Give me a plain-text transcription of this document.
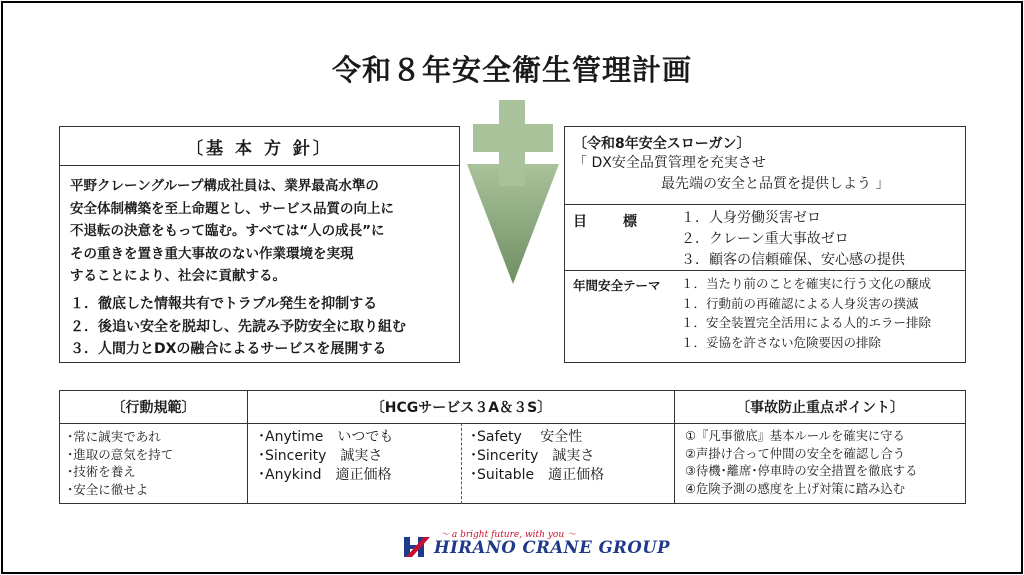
令和８年安全衛生管理計画
〔基 本 方 針〕
平野クレーングループ構成社員は、業界最高水準の
安全体制構築を至上命題とし、サービス品質の向上に
不退転の決意をもって臨む。すべては“人の成長”に
その重きを置き重大事故のない作業環境を実現
することにより、社会に貢献する。
１．徹底した情報共有でトラブル発生を抑制する
２．後追い安全を脱却し、先読み予防安全に取り組む
３．人間力とDXの融合によるサービスを展開する
〔令和8年安全スローガン〕
「 DX安全品質管理を充実させ
最先端の安全と品質を提供しよう 」
目標 １．人身労働災害ゼロ
２．クレーン重大事故ゼロ
３．顧客の信頼確保、安心感の提供
年間安全テーマ １．当たり前のことを確実に行う文化の醸成
１．行動前の再確認による人身災害の撲滅
１．安全装置完全活用による人的エラー排除
１．妥協を許さない危険要因の排除
〔行動規範〕
･常に誠実であれ
･進取の意気を持て
･技術を養え
･安全に徹せよ
〔HCGサービス３A＆３S〕
･Anytime　いつでも
･Sincerity　誠実さ
･Anykind　適正価格
･Safety　 安全性
･Sincerity　誠実さ
･Suitable　適正価格
〔事故防止重点ポイント〕
①『凡事徹底』基本ルールを確実に守る
②声掛け合って仲間の安全を確認し合う
③待機･離席･停車時の安全措置を徹底する
④危険予測の感度を上げ対策に踏み込む
～ a bright future, with you ～
HIRANO CRANE GROUP
